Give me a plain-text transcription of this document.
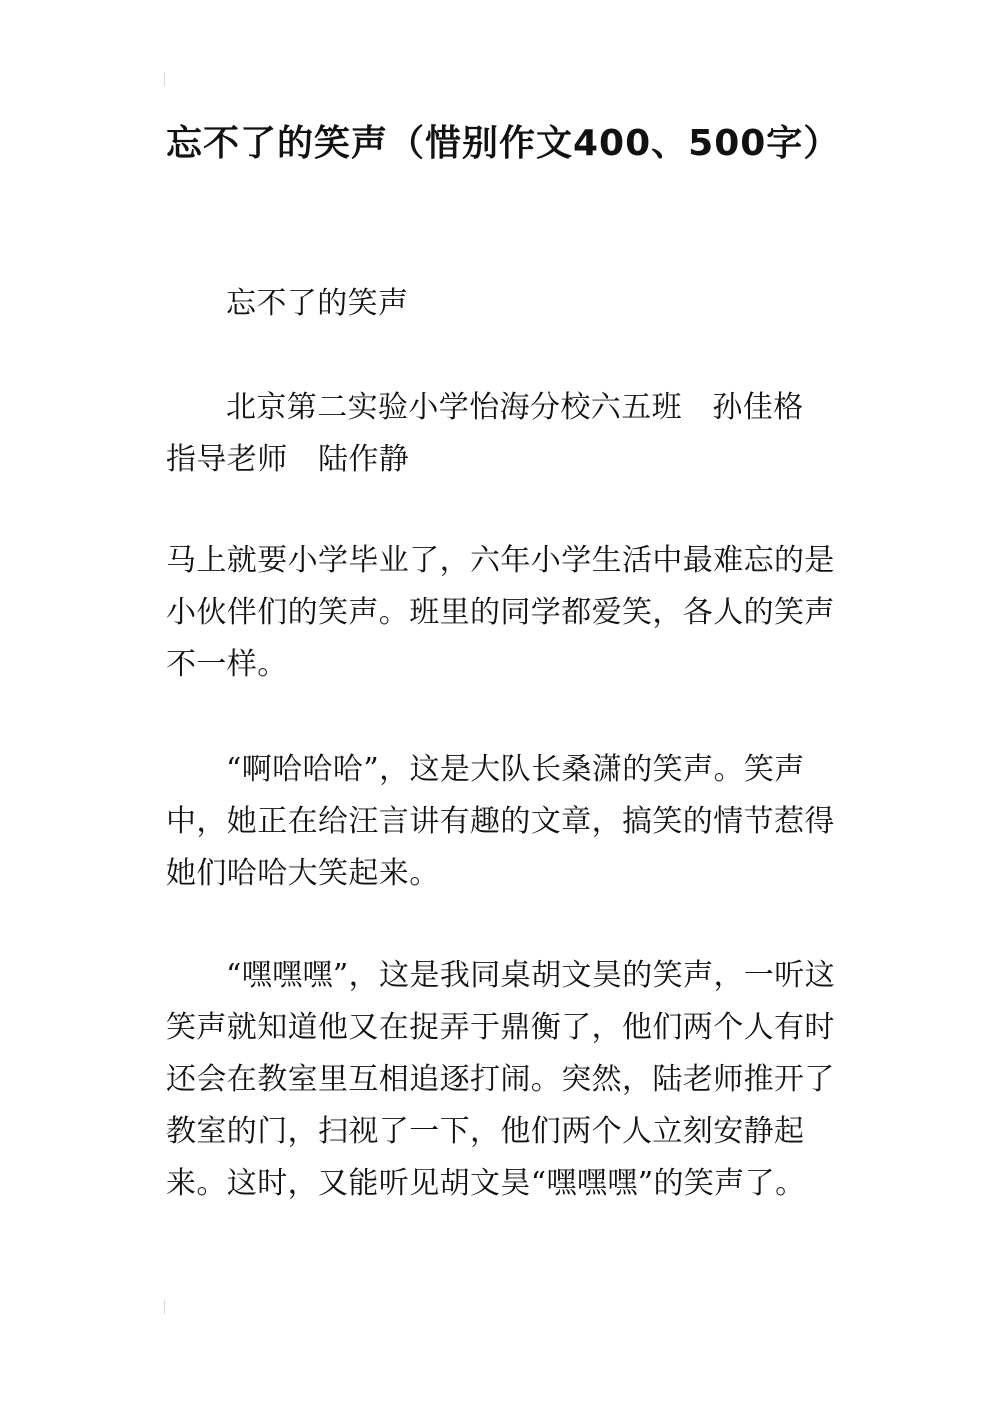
忘不了的笑声（惜别作文400、500字）

忘不了的笑声

北京第二实验小学怡海分校六五班　孙佳格　指导老师　陆作静

马上就要小学毕业了，六年小学生活中最难忘的是小伙伴们的笑声。班里的同学都爱笑，各人的笑声不一样。

“啊哈哈哈”，这是大队长桑潇的笑声。笑声中，她正在给汪言讲有趣的文章，搞笑的情节惹得她们哈哈大笑起来。

“嘿嘿嘿”，这是我同桌胡文昊的笑声，一听这笑声就知道他又在捉弄于鼎衡了，他们两个人有时还会在教室里互相追逐打闹。突然，陆老师推开了教室的门，扫视了一下，他们两个人立刻安静起来。这时，又能听见胡文昊“嘿嘿嘿”的笑声了。
